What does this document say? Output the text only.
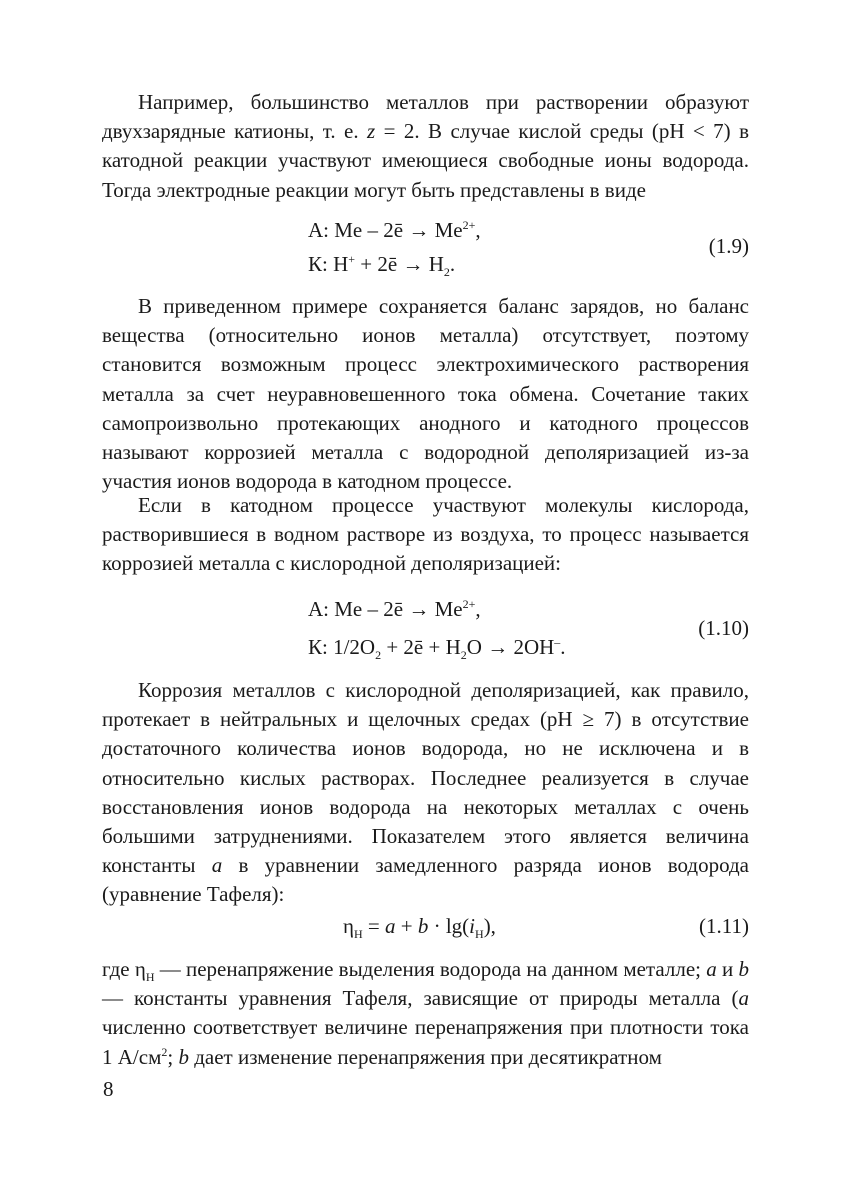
Например, большинство металлов при растворении образуют двухзарядные катионы, т. е. z = 2. В случае кислой среды (pH < 7) в катодной реакции участвуют имеющиеся свободные ионы водорода. Тогда электродные реакции могут быть представлены в виде

A: Me – 2ē → $Me^{2+}$,
К: H+ + 2ē → $H_2$.
(1.9)

В приведенном примере сохраняется баланс зарядов, но баланс вещества (относительно ионов металла) отсутствует, поэтому становится возможным процесс электрохимического растворения металла за счет неуравновешенного тока обмена. Сочетание таких самопроизвольно протекающих анодного и катодного процессов называют коррозией металла с водородной деполяризацией из-за участия ионов водорода в катодном процессе.

Если в катодном процессе участвуют молекулы кислорода, растворившиеся в водном растворе из воздуха, то процесс называется коррозией металла с кислородной деполяризацией:

A: Me – 2ē → $Me^{2+}$,
К: $1/2O_2$ + 2ē + $H_2O \to 2OH^-$.
(1.10)

Коррозия металлов с кислородной деполяризацией, как правило, протекает в нейтральных и щелочных средах (pH ≥ 7) в отсутствие достаточного количества ионов водорода, но не исключена и в относительно кислых растворах. Последнее реализуется в случае восстановления ионов водорода на некоторых металлах с очень большими затруднениями. Показателем этого является величина константы a в уравнении замедленного разряда ионов водорода (уравнение Тафеля):

$\eta_H = a + b \cdot \lg(i_H)$,	(1.11)

где $\eta_H$ — перенапряжение выделения водорода на данном металле; a и b — константы уравнения Тафеля, зависящие от природы металла (a численно соответствует величине перенапряжения при плотности тока 1 $А/см^2$; b дает изменение перенапряжения при десятикратном

8
